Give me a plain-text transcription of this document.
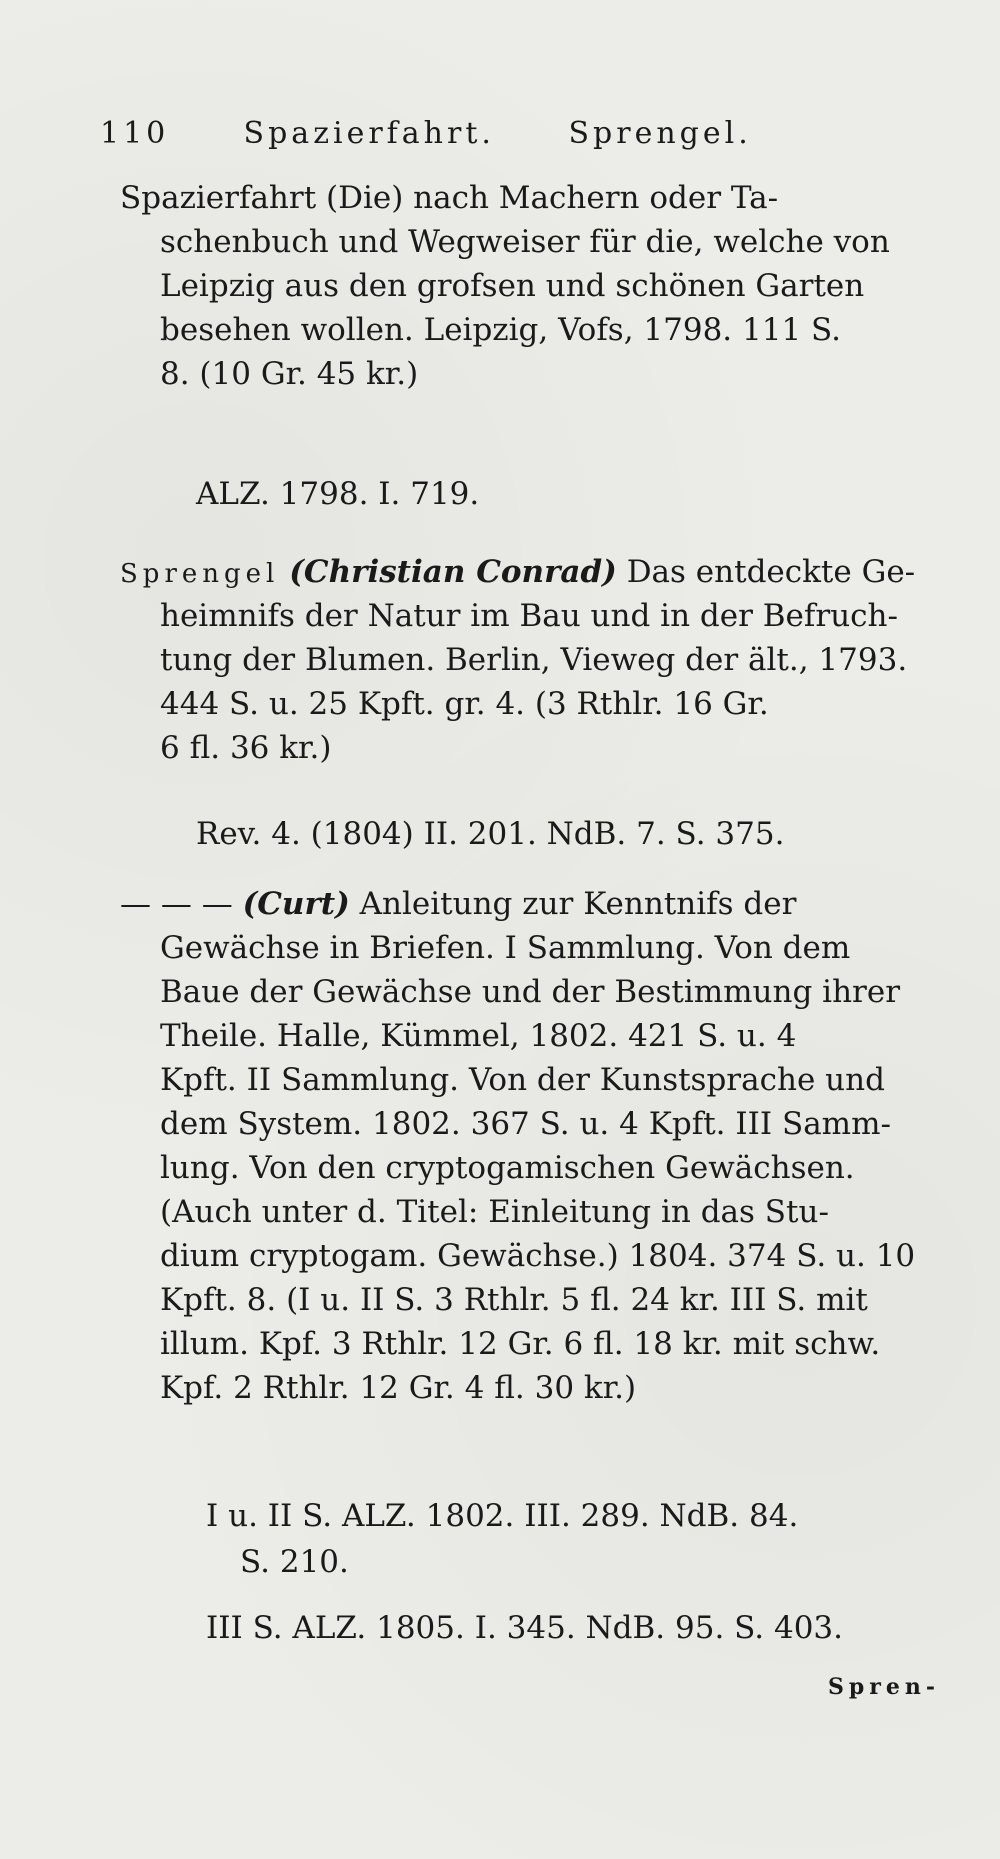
110 Spazierfahrt. Sprengel.
Spazierfahrt (Die) nach Machern oder Ta-
schenbuch und Wegweiser für die, welche von
Leipzig aus den grofsen und schönen Garten
besehen wollen. Leipzig, Vofs, 1798. 111 S.
8. (10 Gr. 45 kr.)
ALZ. 1798. I. 719.
Sprengel (Christian Conrad) Das entdeckte Ge-
heimnifs der Natur im Bau und in der Befruch-
tung der Blumen. Berlin, Vieweg der ält., 1793.
444 S. u. 25 Kpft. gr. 4. (3 Rthlr. 16 Gr.
6 fl. 36 kr.)
Rev. 4. (1804) II. 201. NdB. 7. S. 375.
— — — (Curt) Anleitung zur Kenntnifs der
Gewächse in Briefen. I Sammlung. Von dem
Baue der Gewächse und der Bestimmung ihrer
Theile. Halle, Kümmel, 1802. 421 S. u. 4
Kpft. II Sammlung. Von der Kunstsprache und
dem System. 1802. 367 S. u. 4 Kpft. III Samm-
lung. Von den cryptogamischen Gewächsen.
(Auch unter d. Titel: Einleitung in das Stu-
dium cryptogam. Gewächse.) 1804. 374 S. u. 10
Kpft. 8. (I u. II S. 3 Rthlr. 5 fl. 24 kr. III S. mit
illum. Kpf. 3 Rthlr. 12 Gr. 6 fl. 18 kr. mit schw.
Kpf. 2 Rthlr. 12 Gr. 4 fl. 30 kr.)
I u. II S. ALZ. 1802. III. 289. NdB. 84.
S. 210.
III S. ALZ. 1805. I. 345. NdB. 95. S. 403.
Spren-
